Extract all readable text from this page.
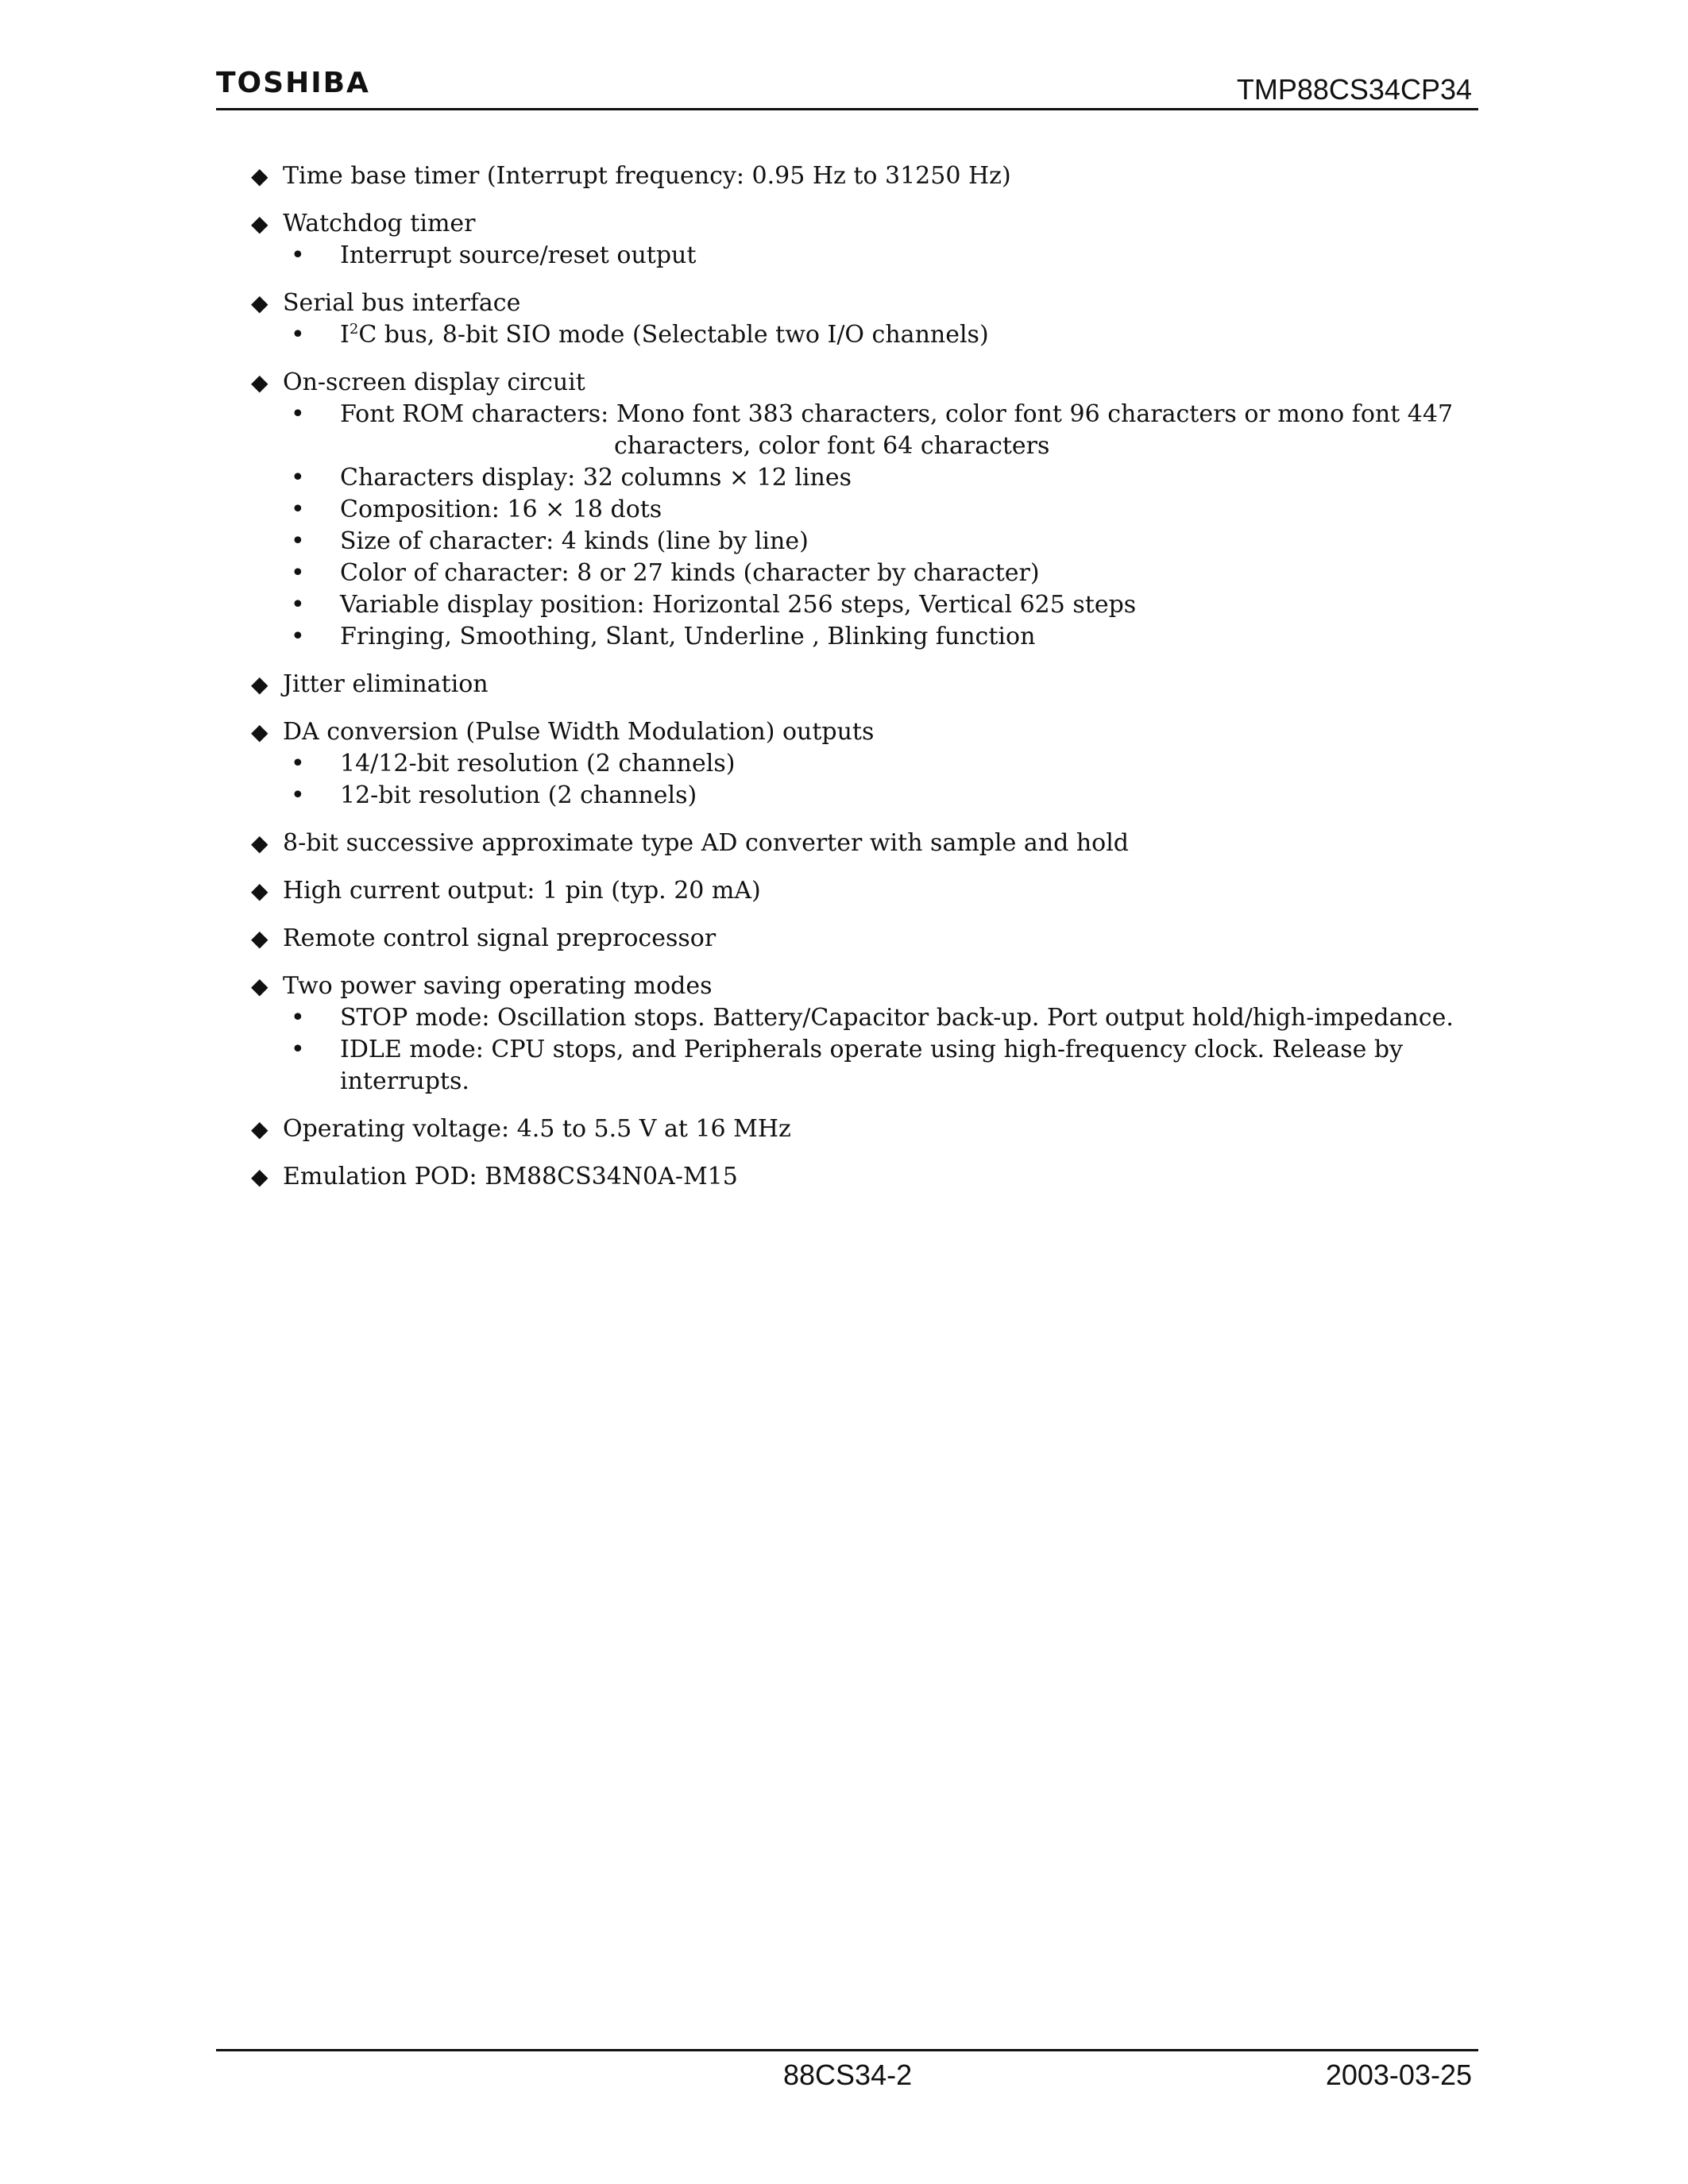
TOSHIBA	TMP88CS34CP34
◆ Time base timer (Interrupt frequency: 0.95 Hz to 31250 Hz)
◆ Watchdog timer
•	Interrupt source/reset output
◆ Serial bus interface
•	$I^2C$ bus, 8-bit SIO mode (Selectable two I/O channels)
◆ On-screen display circuit
•	Font ROM characters: Mono font 383 characters, color font 96 characters or mono font 447
characters, color font 64 characters
•	Characters display: 32 columns × 12 lines
•	Composition: 16 × 18 dots
•	Size of character: 4 kinds (line by line)
•	Color of character: 8 or 27 kinds (character by character)
•	Variable display position: Horizontal 256 steps, Vertical 625 steps
•	Fringing, Smoothing, Slant, Underline , Blinking function
◆ Jitter elimination
◆ DA conversion (Pulse Width Modulation) outputs
•	14/12-bit resolution (2 channels)
•	12-bit resolution (2 channels)
◆ 8-bit successive approximate type AD converter with sample and hold
◆ High current output: 1 pin (typ. 20 mA)
◆ Remote control signal preprocessor
◆ Two power saving operating modes
•	STOP mode: Oscillation stops. Battery/Capacitor back-up. Port output hold/high-impedance.
•	IDLE mode: CPU stops, and Peripherals operate using high-frequency clock. Release by interrupts.
◆ Operating voltage: 4.5 to 5.5 V at 16 MHz
◆ Emulation POD: BM88CS34N0A-M15
88CS34-2	2003-03-25
